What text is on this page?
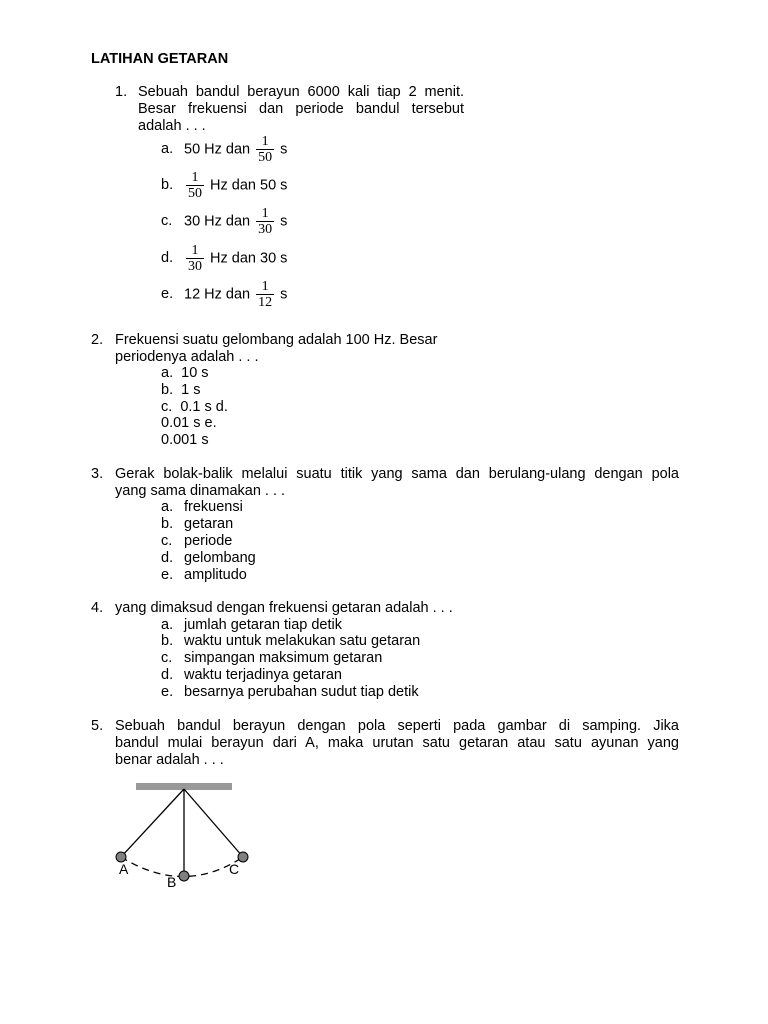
LATIHAN GETARAN
1. Sebuah bandul berayun 6000 kali tiap 2 menit.
Besar frekuensi dan periode bandul tersebut
adalah . . .
a. 50 Hz dan $\frac{1}{50}$ s
b. $\frac{1}{50}$ Hz dan 50 s
c. 30 Hz dan $\frac{1}{30}$ s
d. $\frac{1}{30}$ Hz dan 30 s
e. 12 Hz dan $\frac{1}{12}$ s
2. Frekuensi suatu gelombang adalah 100 Hz. Besar
periodenya adalah . . .
a.  10 s
b.  1 s
c.  0.1 s d.
0.01 s e.
0.001 s
3. Gerak bolak-balik melalui suatu titik yang sama dan berulang-ulang dengan pola
yang sama dinamakan . . .
a. frekuensi
b. getaran
c. periode
d. gelombang
e. amplitudo
4. yang dimaksud dengan frekuensi getaran adalah . . .
a. jumlah getaran tiap detik
b. waktu untuk melakukan satu getaran
c. simpangan maksimum getaran
d. waktu terjadinya getaran
e. besarnya perubahan sudut tiap detik
5. Sebuah bandul berayun dengan pola seperti pada gambar di samping. Jika
bandul mulai berayun dari A, maka urutan satu getaran atau satu ayunan yang
benar adalah . . .
A
B
C
